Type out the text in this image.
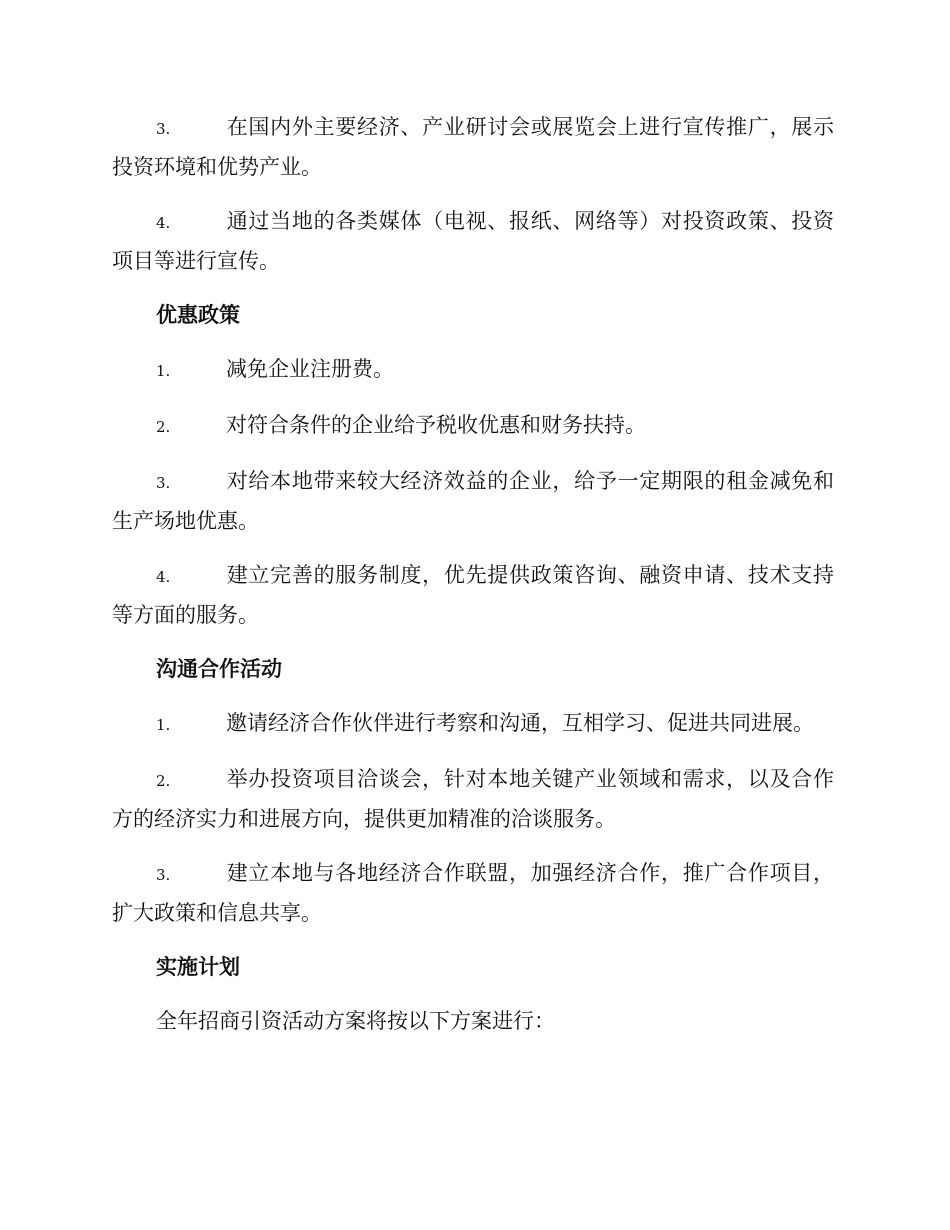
3.	在国内外主要经济、产业研讨会或展览会上进行宣传推广，展示投资环境和优势产业。
4.	通过当地的各类媒体（电视、报纸、网络等）对投资政策、投资项目等进行宣传。
优惠政策
1.	减免企业注册费。
2.	对符合条件的企业给予税收优惠和财务扶持。
3.	对给本地带来较大经济效益的企业，给予一定期限的租金减免和生产场地优惠。
4.	建立完善的服务制度，优先提供政策咨询、融资申请、技术支持等方面的服务。
沟通合作活动
1.	邀请经济合作伙伴进行考察和沟通，互相学习、促进共同进展。
2.	举办投资项目洽谈会，针对本地关键产业领域和需求，以及合作方的经济实力和进展方向，提供更加精准的洽谈服务。
3.	建立本地与各地经济合作联盟，加强经济合作，推广合作项目，扩大政策和信息共享。
实施计划
全年招商引资活动方案将按以下方案进行：
